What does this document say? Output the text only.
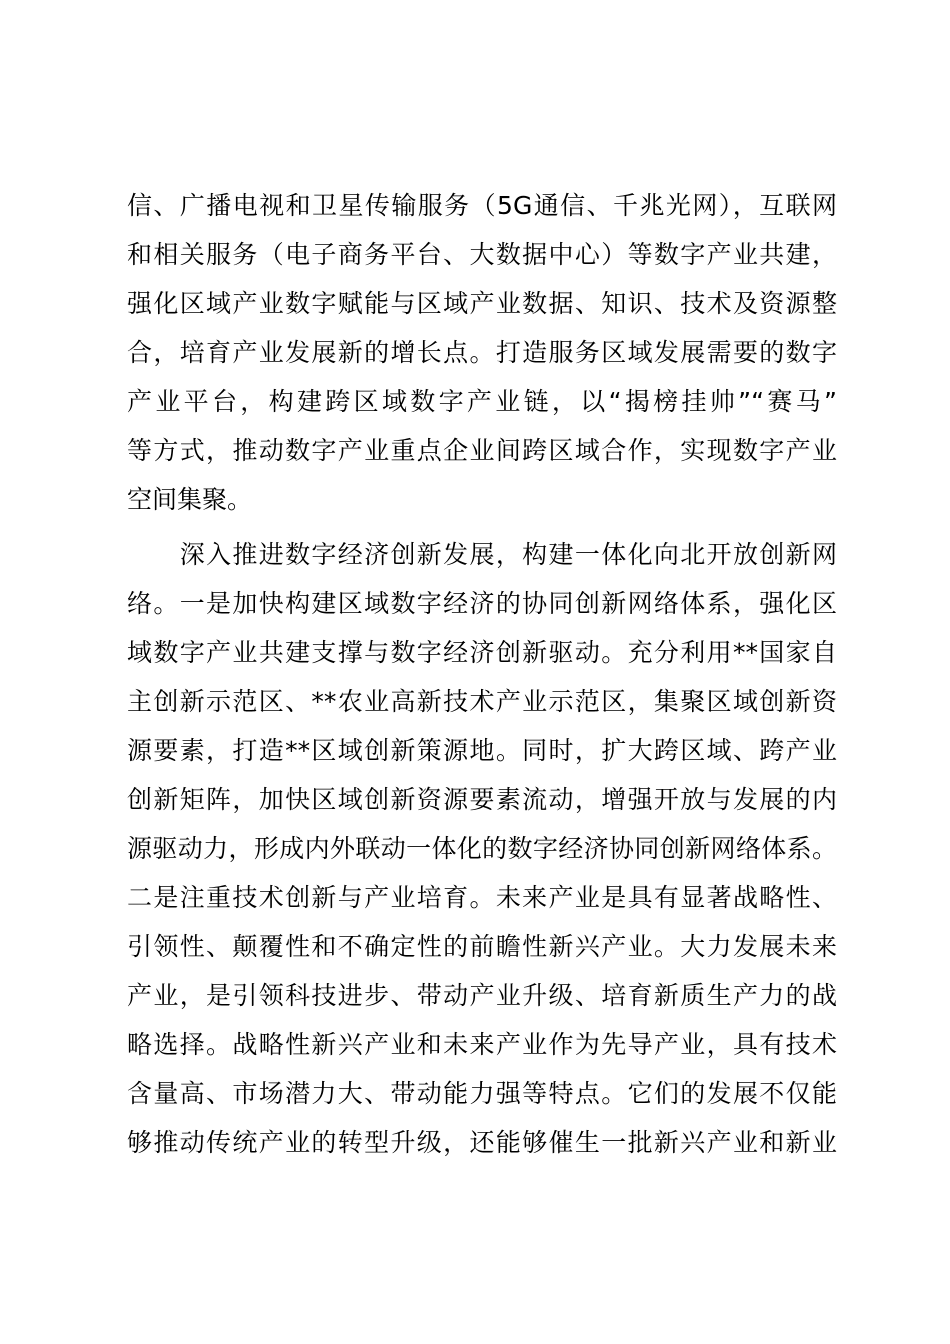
信、广播电视和卫星传输服务（5G通信、千兆光网），互联网
和相关服务（电子商务平台、大数据中心）等数字产业共建，
强化区域产业数字赋能与区域产业数据、知识、技术及资源整
合，培育产业发展新的增长点。打造服务区域发展需要的数字
产业平台，构建跨区域数字产业链，以“揭榜挂帅”“赛马”
等方式，推动数字产业重点企业间跨区域合作，实现数字产业
空间集聚。
　　深入推进数字经济创新发展，构建一体化向北开放创新网
络。一是加快构建区域数字经济的协同创新网络体系，强化区
域数字产业共建支撑与数字经济创新驱动。充分利用**国家自
主创新示范区、**农业高新技术产业示范区，集聚区域创新资
源要素，打造**区域创新策源地。同时，扩大跨区域、跨产业
创新矩阵，加快区域创新资源要素流动，增强开放与发展的内
源驱动力，形成内外联动一体化的数字经济协同创新网络体系。
二是注重技术创新与产业培育。未来产业是具有显著战略性、
引领性、颠覆性和不确定性的前瞻性新兴产业。大力发展未来
产业，是引领科技进步、带动产业升级、培育新质生产力的战
略选择。战略性新兴产业和未来产业作为先导产业，具有技术
含量高、市场潜力大、带动能力强等特点。它们的发展不仅能
够推动传统产业的转型升级，还能够催生一批新兴产业和新业
